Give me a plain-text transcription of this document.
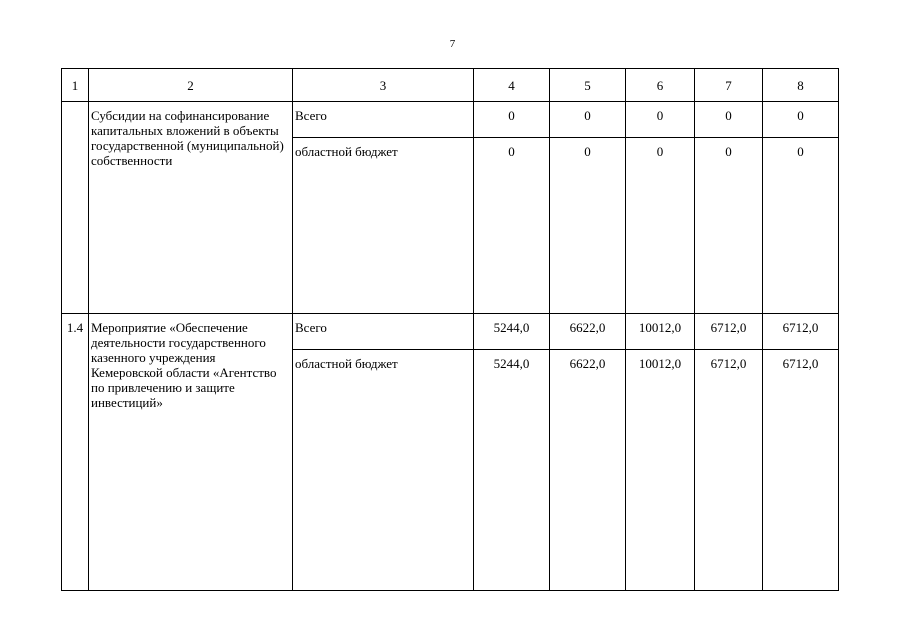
7
1	2	3	4	5	6	7	8
	Субсидии на софинансирование капитальных вложений в объекты государственной (муниципальной) собственности	Всего	0	0	0	0	0
		областной бюджет	0	0	0	0	0
1.4	Мероприятие «Обеспечение деятельности государственного казенного учреждения Кемеровской области «Агентство по привлечению и защите инвестиций»	Всего	5244,0	6622,0	10012,0	6712,0	6712,0
		областной бюджет	5244,0	6622,0	10012,0	6712,0	6712,0
